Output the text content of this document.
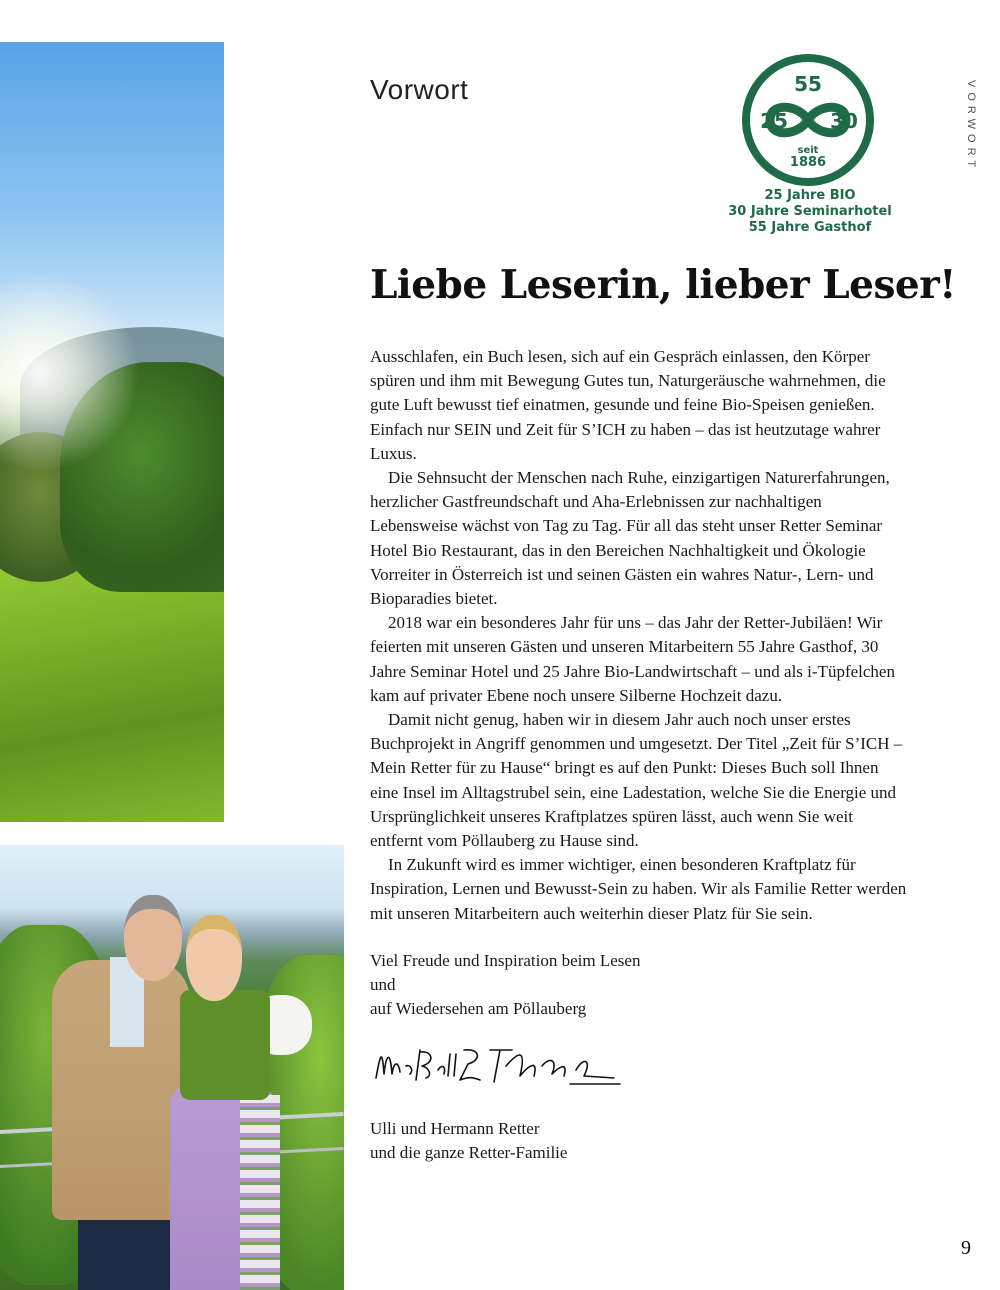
Vorwort	VORWORT
55
25 30
seit
1886
25 Jahre BIO
30 Jahre Seminarhotel
55 Jahre Gasthof
Liebe Leserin, lieber Leser!

Ausschlafen, ein Buch lesen, sich auf ein Gespräch einlassen, den Körper spüren und ihm mit Bewegung Gutes tun, Naturgeräusche wahrnehmen, die gute Luft bewusst tief einatmen, gesunde und feine Bio-Speisen genießen. Einfach nur SEIN und Zeit für S’ICH zu haben – das ist heutzutage wahrer Luxus.

Die Sehnsucht der Menschen nach Ruhe, einzigartigen Naturerfahrungen, herzlicher Gastfreundschaft und Aha-Erlebnissen zur nachhaltigen Lebensweise wächst von Tag zu Tag. Für all das steht unser Retter Seminar Hotel Bio Restaurant, das in den Bereichen Nachhaltigkeit und Ökologie Vorreiter in Österreich ist und seinen Gästen ein wahres Natur-, Lern- und Bioparadies bietet.

2018 war ein besonderes Jahr für uns – das Jahr der Retter-Jubiläen! Wir feierten mit unseren Gästen und unseren Mitarbeitern 55 Jahre Gasthof, 30 Jahre Seminar Hotel und 25 Jahre Bio-Landwirtschaft – und als i-Tüpfelchen kam auf privater Ebene noch unsere Silberne Hochzeit dazu.

Damit nicht genug, haben wir in diesem Jahr auch noch unser erstes Buchprojekt in Angriff genommen und umgesetzt. Der Titel „Zeit für S’ICH – Mein Retter für zu Hause“ bringt es auf den Punkt: Dieses Buch soll Ihnen eine Insel im Alltagstrubel sein, eine Ladestation, welche Sie die Energie und Ursprünglichkeit unseres Kraftplatzes spüren lässt, auch wenn Sie weit entfernt vom Pöllauberg zu Hause sind.

In Zukunft wird es immer wichtiger, einen besonderen Kraftplatz für Inspiration, Lernen und Bewusst-Sein zu haben. Wir als Familie Retter werden mit unseren Mitarbeitern auch weiterhin dieser Platz für Sie sein.

Viel Freude und Inspiration beim Lesen
und
auf Wiedersehen am Pöllauberg
Ulli und Hermann Retter
und die ganze Retter-Familie
9
